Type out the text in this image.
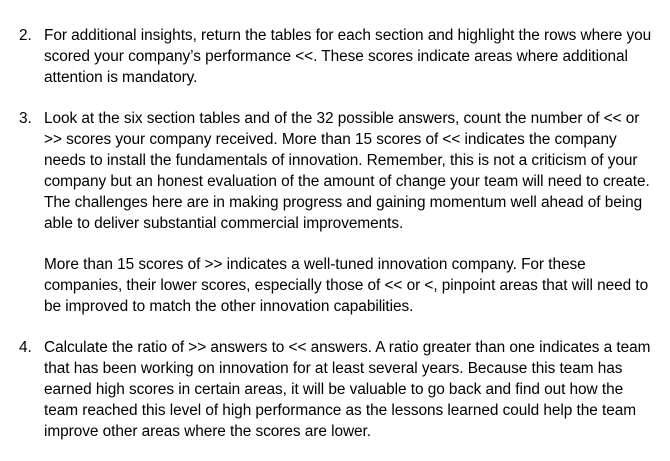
2. For additional insights, return the tables for each section and highlight the rows where you scored your company’s performance <<. These scores indicate areas where additional attention is mandatory.

3. Look at the six section tables and of the 32 possible answers, count the number of << or >> scores your company received. More than 15 scores of << indicates the company needs to install the fundamentals of innovation. Remember, this is not a criticism of your company but an honest evaluation of the amount of change your team will need to create. The challenges here are in making progress and gaining momentum well ahead of being able to deliver substantial commercial improvements.

More than 15 scores of >> indicates a well-tuned innovation company. For these companies, their lower scores, especially those of << or <, pinpoint areas that will need to be improved to match the other innovation capabilities.

4. Calculate the ratio of >> answers to << answers. A ratio greater than one indicates a team that has been working on innovation for at least several years. Because this team has earned high scores in certain areas, it will be valuable to go back and find out how the team reached this level of high performance as the lessons learned could help the team improve other areas where the scores are lower.
